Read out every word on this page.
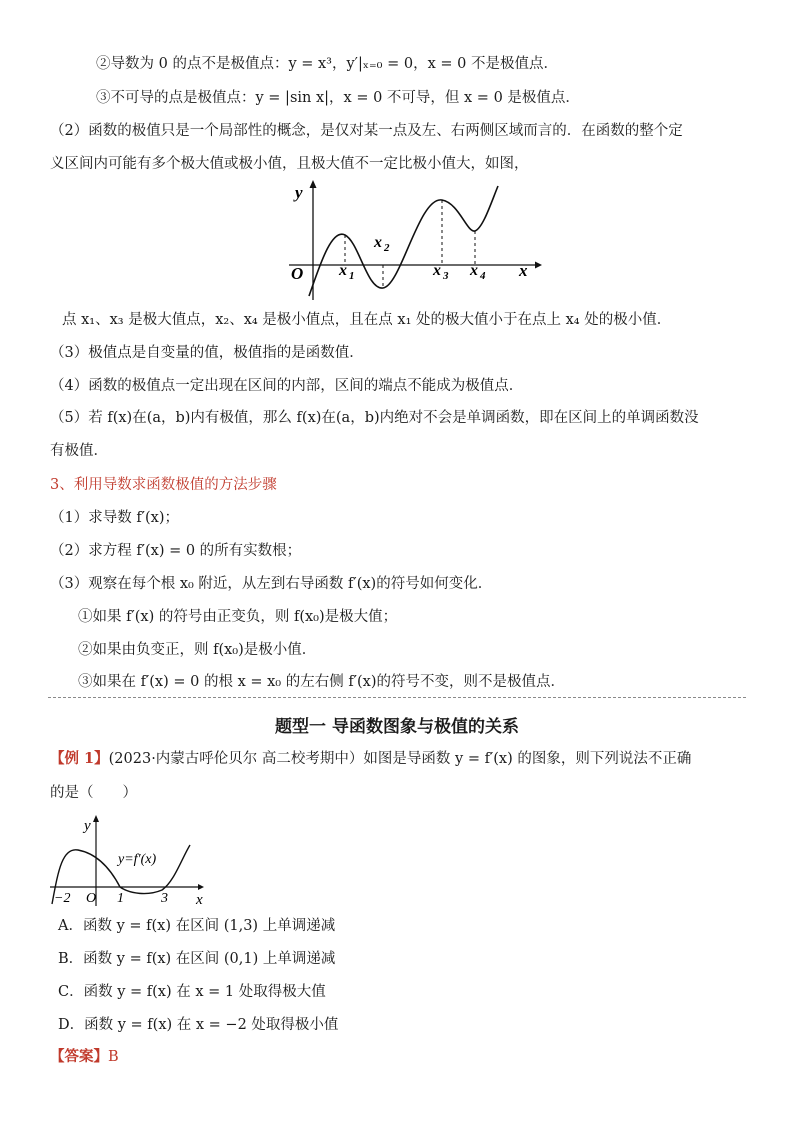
②导数为 0 的点不是极值点：y = x³，y′|ₓ₌₀ = 0，x = 0 不是极值点．
③不可导的点是极值点：y = |sin x|，x = 0 不可导，但 x = 0 是极值点．
（2）函数的极值只是一个局部性的概念，是仅对某一点及左、右两侧区域而言的．在函数的整个定
义区间内可能有多个极大值或极小值，且极大值不一定比极小值大，如图，
y
x
O x 1
x 2
x 3 x 4
点 x₁、x₃ 是极大值点，x₂、x₄ 是极小值点，且在点 x₁ 处的极大值小于在点上 x₄ 处的极小值．
（3）极值点是自变量的值，极值指的是函数值．
（4）函数的极值点一定出现在区间的内部，区间的端点不能成为极值点．
（5）若 f(x)在(a，b)内有极值，那么 f(x)在(a，b)内绝对不会是单调函数，即在区间上的单调函数没
有极值．
3、利用导数求函数极值的方法步骤
（1）求导数 f′(x)；
（2）求方程 f′(x) = 0 的所有实数根；
（3）观察在每个根 x₀ 附近，从左到右导函数 f′(x)的符号如何变化．
①如果 f′(x) 的符号由正变负，则 f(x₀)是极大值；
②如果由负变正，则 f(x₀)是极小值．
③如果在 f′(x) = 0 的根 x = x₀ 的左右侧 f′(x)的符号不变，则不是极值点．
题型一 导函数图象与极值的关系
【例 1】(2023·内蒙古呼伦贝尔 高二校考期中）如图是导函数 y = f′(x) 的图象，则下列说法不正确
的是（　　）
y
x
O
y=f′(x)
−2	1	3
A．函数 y = f(x) 在区间 (1,3) 上单调递减
B．函数 y = f(x) 在区间 (0,1) 上单调递减
C．函数 y = f(x) 在 x = 1 处取得极大值
D．函数 y = f(x) 在 x = −2 处取得极小值
【答案】B
